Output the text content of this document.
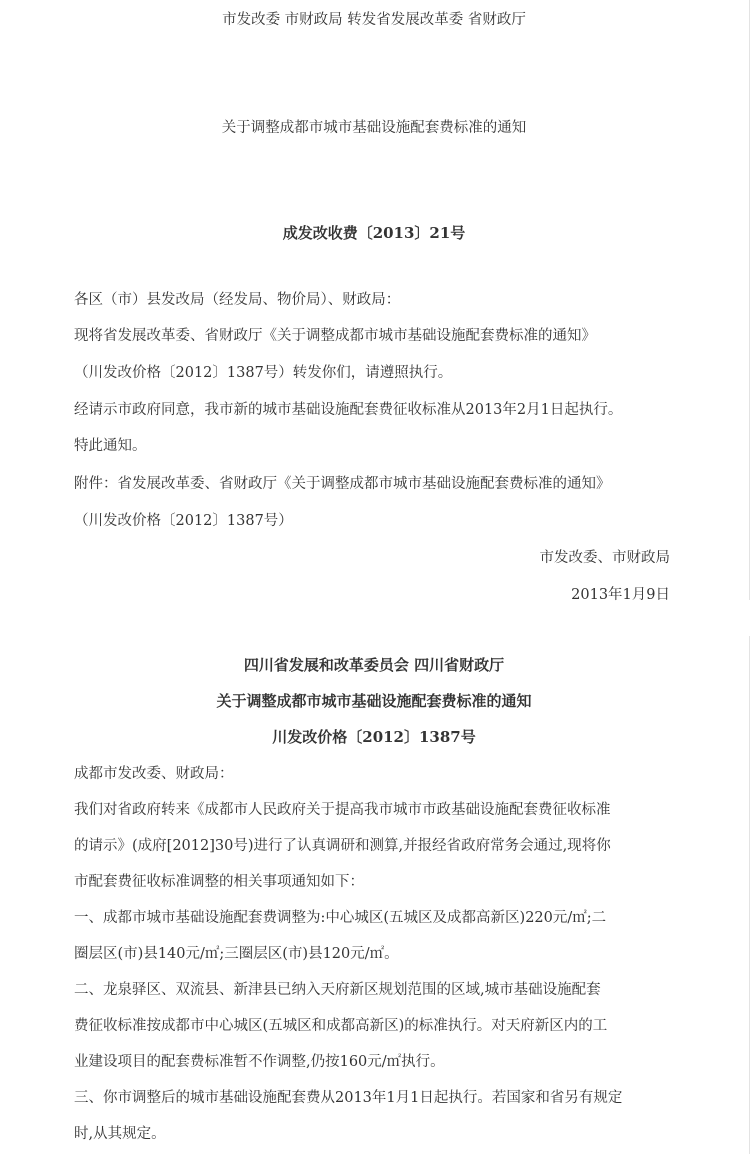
市发改委 市财政局 转发省发展改革委 省财政厅
关于调整成都市城市基础设施配套费标准的通知
成发改收费〔2013〕21号
各区（市）县发改局（经发局、物价局）、财政局：
现将省发展改革委、省财政厅《关于调整成都市城市基础设施配套费标准的通知》
（川发改价格〔2012〕1387号）转发你们，请遵照执行。
经请示市政府同意，我市新的城市基础设施配套费征收标准从2013年2月1日起执行。
特此通知。
附件：省发展改革委、省财政厅《关于调整成都市城市基础设施配套费标准的通知》
（川发改价格〔2012〕1387号）
市发改委、市财政局
2013年1月9日
四川省发展和改革委员会 四川省财政厅
关于调整成都市城市基础设施配套费标准的通知
川发改价格〔2012〕1387号
成都市发改委、财政局：
我们对省政府转来《成都市人民政府关于提高我市城市市政基础设施配套费征收标准
的请示》(成府[2012]30号)进行了认真调研和测算,并报经省政府常务会通过,现将你
市配套费征收标准调整的相关事项通知如下：
一、成都市城市基础设施配套费调整为:中心城区(五城区及成都高新区)220元/㎡;二
圈层区(市)县140元/㎡;三圈层区(市)县120元/㎡。
二、龙泉驿区、双流县、新津县已纳入天府新区规划范围的区域,城市基础设施配套
费征收标准按成都市中心城区(五城区和成都高新区)的标准执行。对天府新区内的工
业建设项目的配套费标准暂不作调整,仍按160元/㎡执行。
三、你市调整后的城市基础设施配套费从2013年1月1日起执行。若国家和省另有规定
时,从其规定。
